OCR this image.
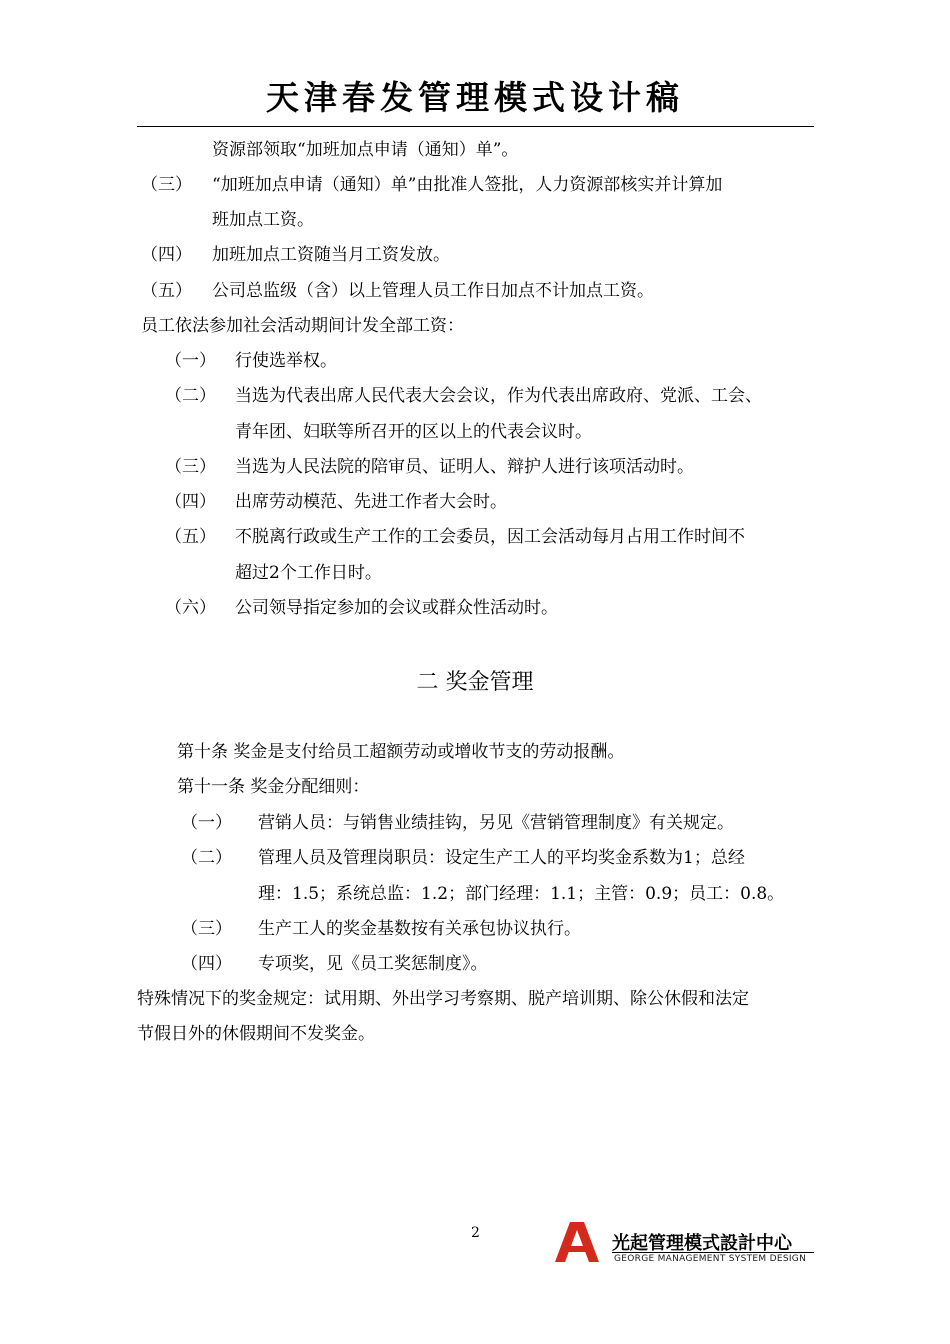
天津春发管理模式设计稿
资源部领取“加班加点申请（通知）单”。
（三） “加班加点申请（通知）单”由批准人签批，人力资源部核实并计算加
班加点工资。
（四） 加班加点工资随当月工资发放。
（五） 公司总监级（含）以上管理人员工作日加点不计加点工资。
员工依法参加社会活动期间计发全部工资：
（一） 行使选举权。
（二） 当选为代表出席人民代表大会会议，作为代表出席政府、党派、工会、
青年团、妇联等所召开的区以上的代表会议时。
（三） 当选为人民法院的陪审员、证明人、辩护人进行该项活动时。
（四） 出席劳动模范、先进工作者大会时。
（五） 不脱离行政或生产工作的工会委员，因工会活动每月占用工作时间不
超过2个工作日时。
（六） 公司领导指定参加的会议或群众性活动时。
二 奖金管理
第十条 奖金是支付给员工超额劳动或增收节支的劳动报酬。
第十一条 奖金分配细则：
（一） 营销人员：与销售业绩挂钩，另见《营销管理制度》有关规定。
（二） 管理人员及管理岗职员：设定生产工人的平均奖金系数为1；总经
理：1.5；系统总监：1.2；部门经理：1.1；主管：0.9；员工：0.8。
（三） 生产工人的奖金基数按有关承包协议执行。
（四） 专项奖，见《员工奖惩制度》。
特殊情况下的奖金规定：试用期、外出学习考察期、脱产培训期、除公休假和法定
节假日外的休假期间不发奖金。
2	光起管理模式設計中心
GEORGE MANAGEMENT SYSTEM DESIGN
